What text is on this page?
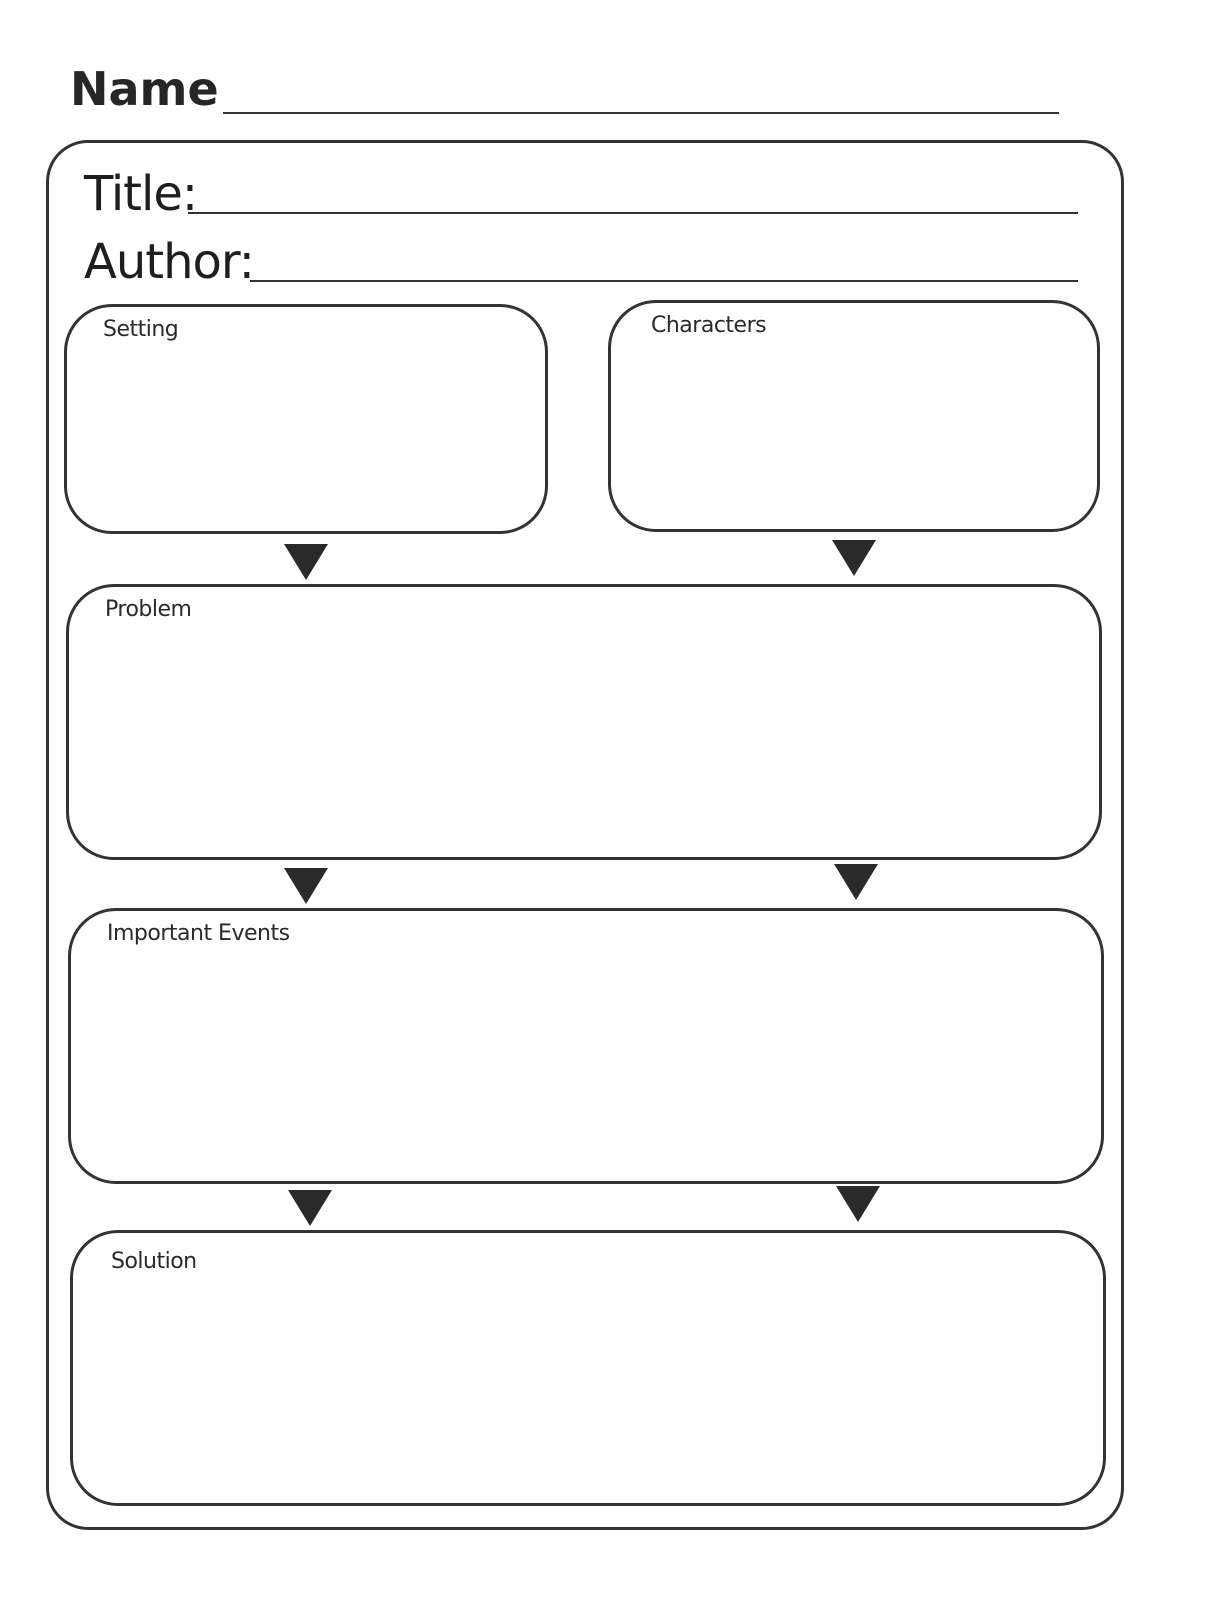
Name
Title:
Author:
Setting	Characters
Problem
Important Events
Solution
